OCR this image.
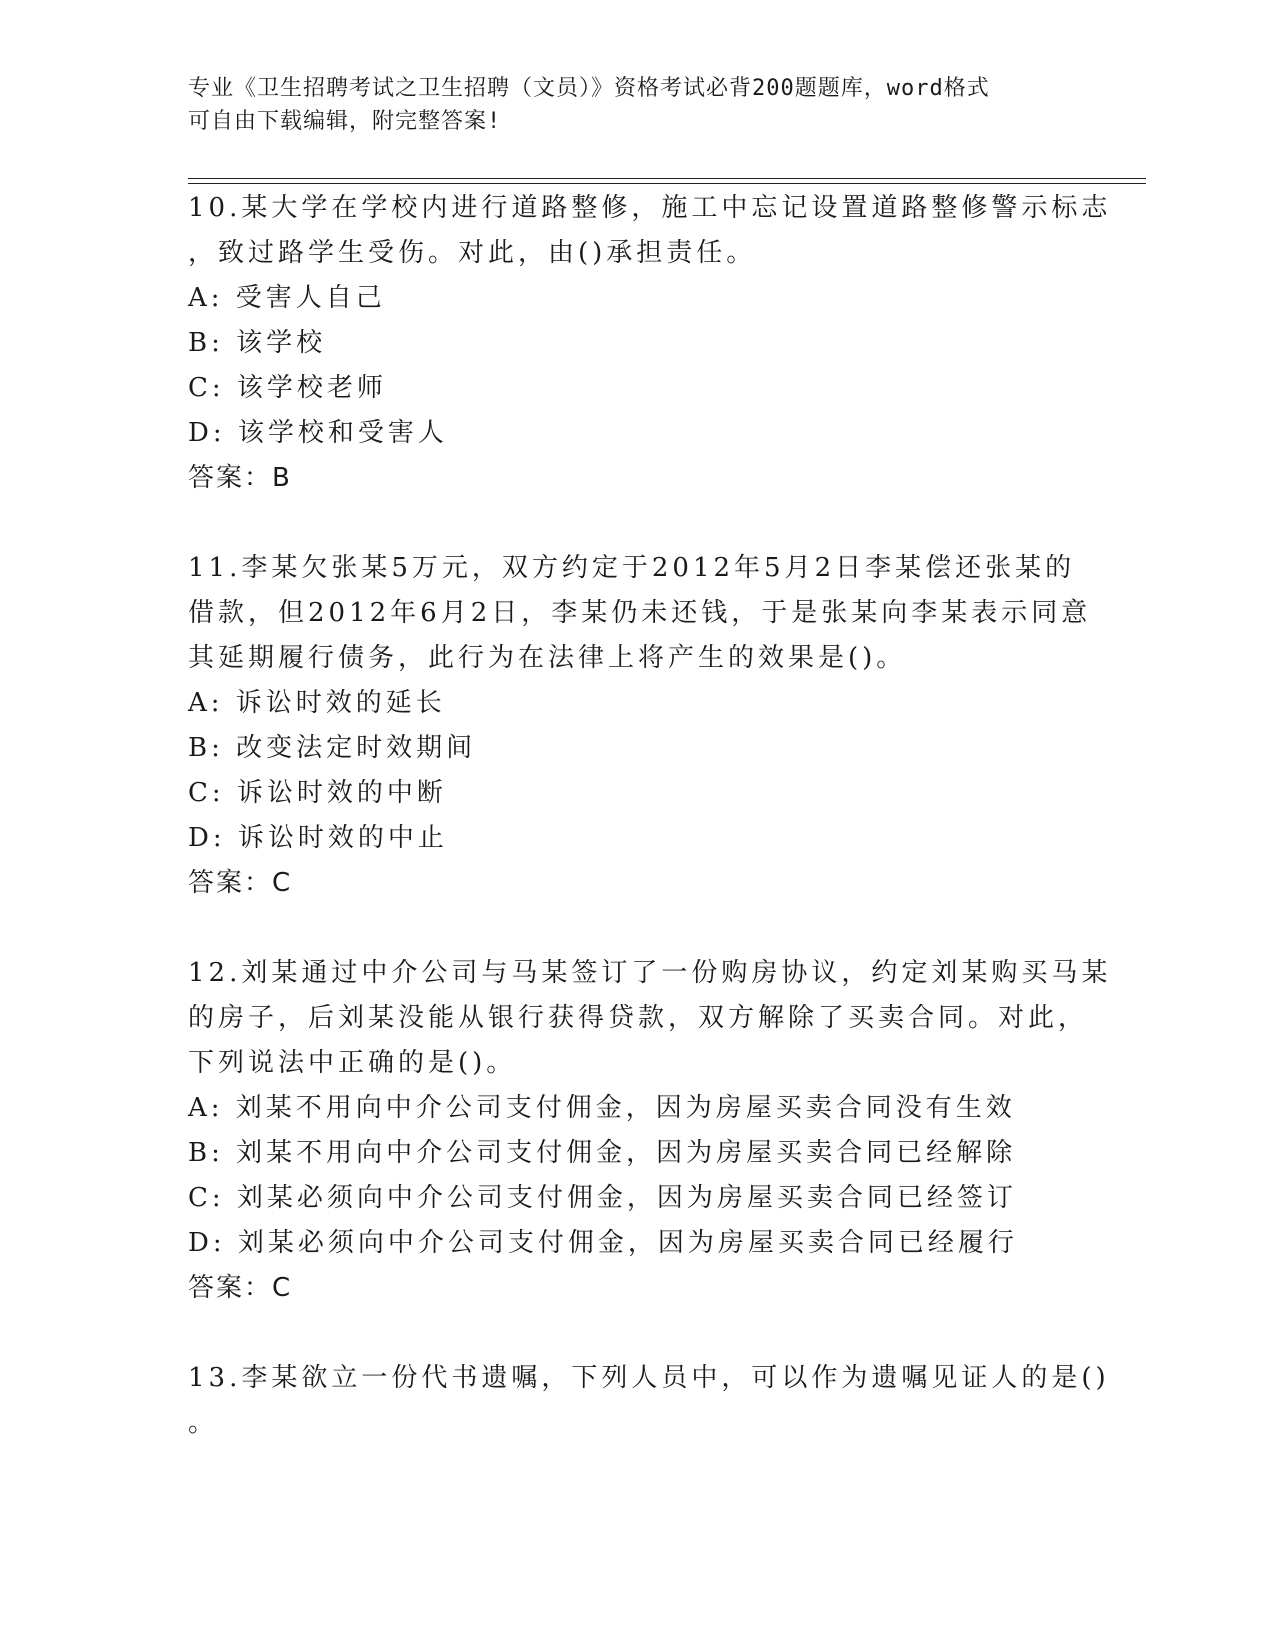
专业《卫生招聘考试之卫生招聘（文员）》资格考试必背200题题库，word格式
可自由下载编辑，附完整答案!
10.某大学在学校内进行道路整修，施工中忘记设置道路整修警示标志
，致过路学生受伤。对此，由()承担责任。
A: 受害人自己
B: 该学校
C: 该学校老师
D: 该学校和受害人
答案：B
11.李某欠张某5万元，双方约定于2012年5月2日李某偿还张某的
借款，但2012年6月2日，李某仍未还钱，于是张某向李某表示同意
其延期履行债务，此行为在法律上将产生的效果是()。
A: 诉讼时效的延长
B: 改变法定时效期间
C: 诉讼时效的中断
D: 诉讼时效的中止
答案：C
12.刘某通过中介公司与马某签订了一份购房协议，约定刘某购买马某
的房子，后刘某没能从银行获得贷款，双方解除了买卖合同。对此，
下列说法中正确的是()。
A: 刘某不用向中介公司支付佣金，因为房屋买卖合同没有生效
B: 刘某不用向中介公司支付佣金，因为房屋买卖合同已经解除
C: 刘某必须向中介公司支付佣金，因为房屋买卖合同已经签订
D: 刘某必须向中介公司支付佣金，因为房屋买卖合同已经履行
答案：C
13.李某欲立一份代书遗嘱，下列人员中，可以作为遗嘱见证人的是()
。
